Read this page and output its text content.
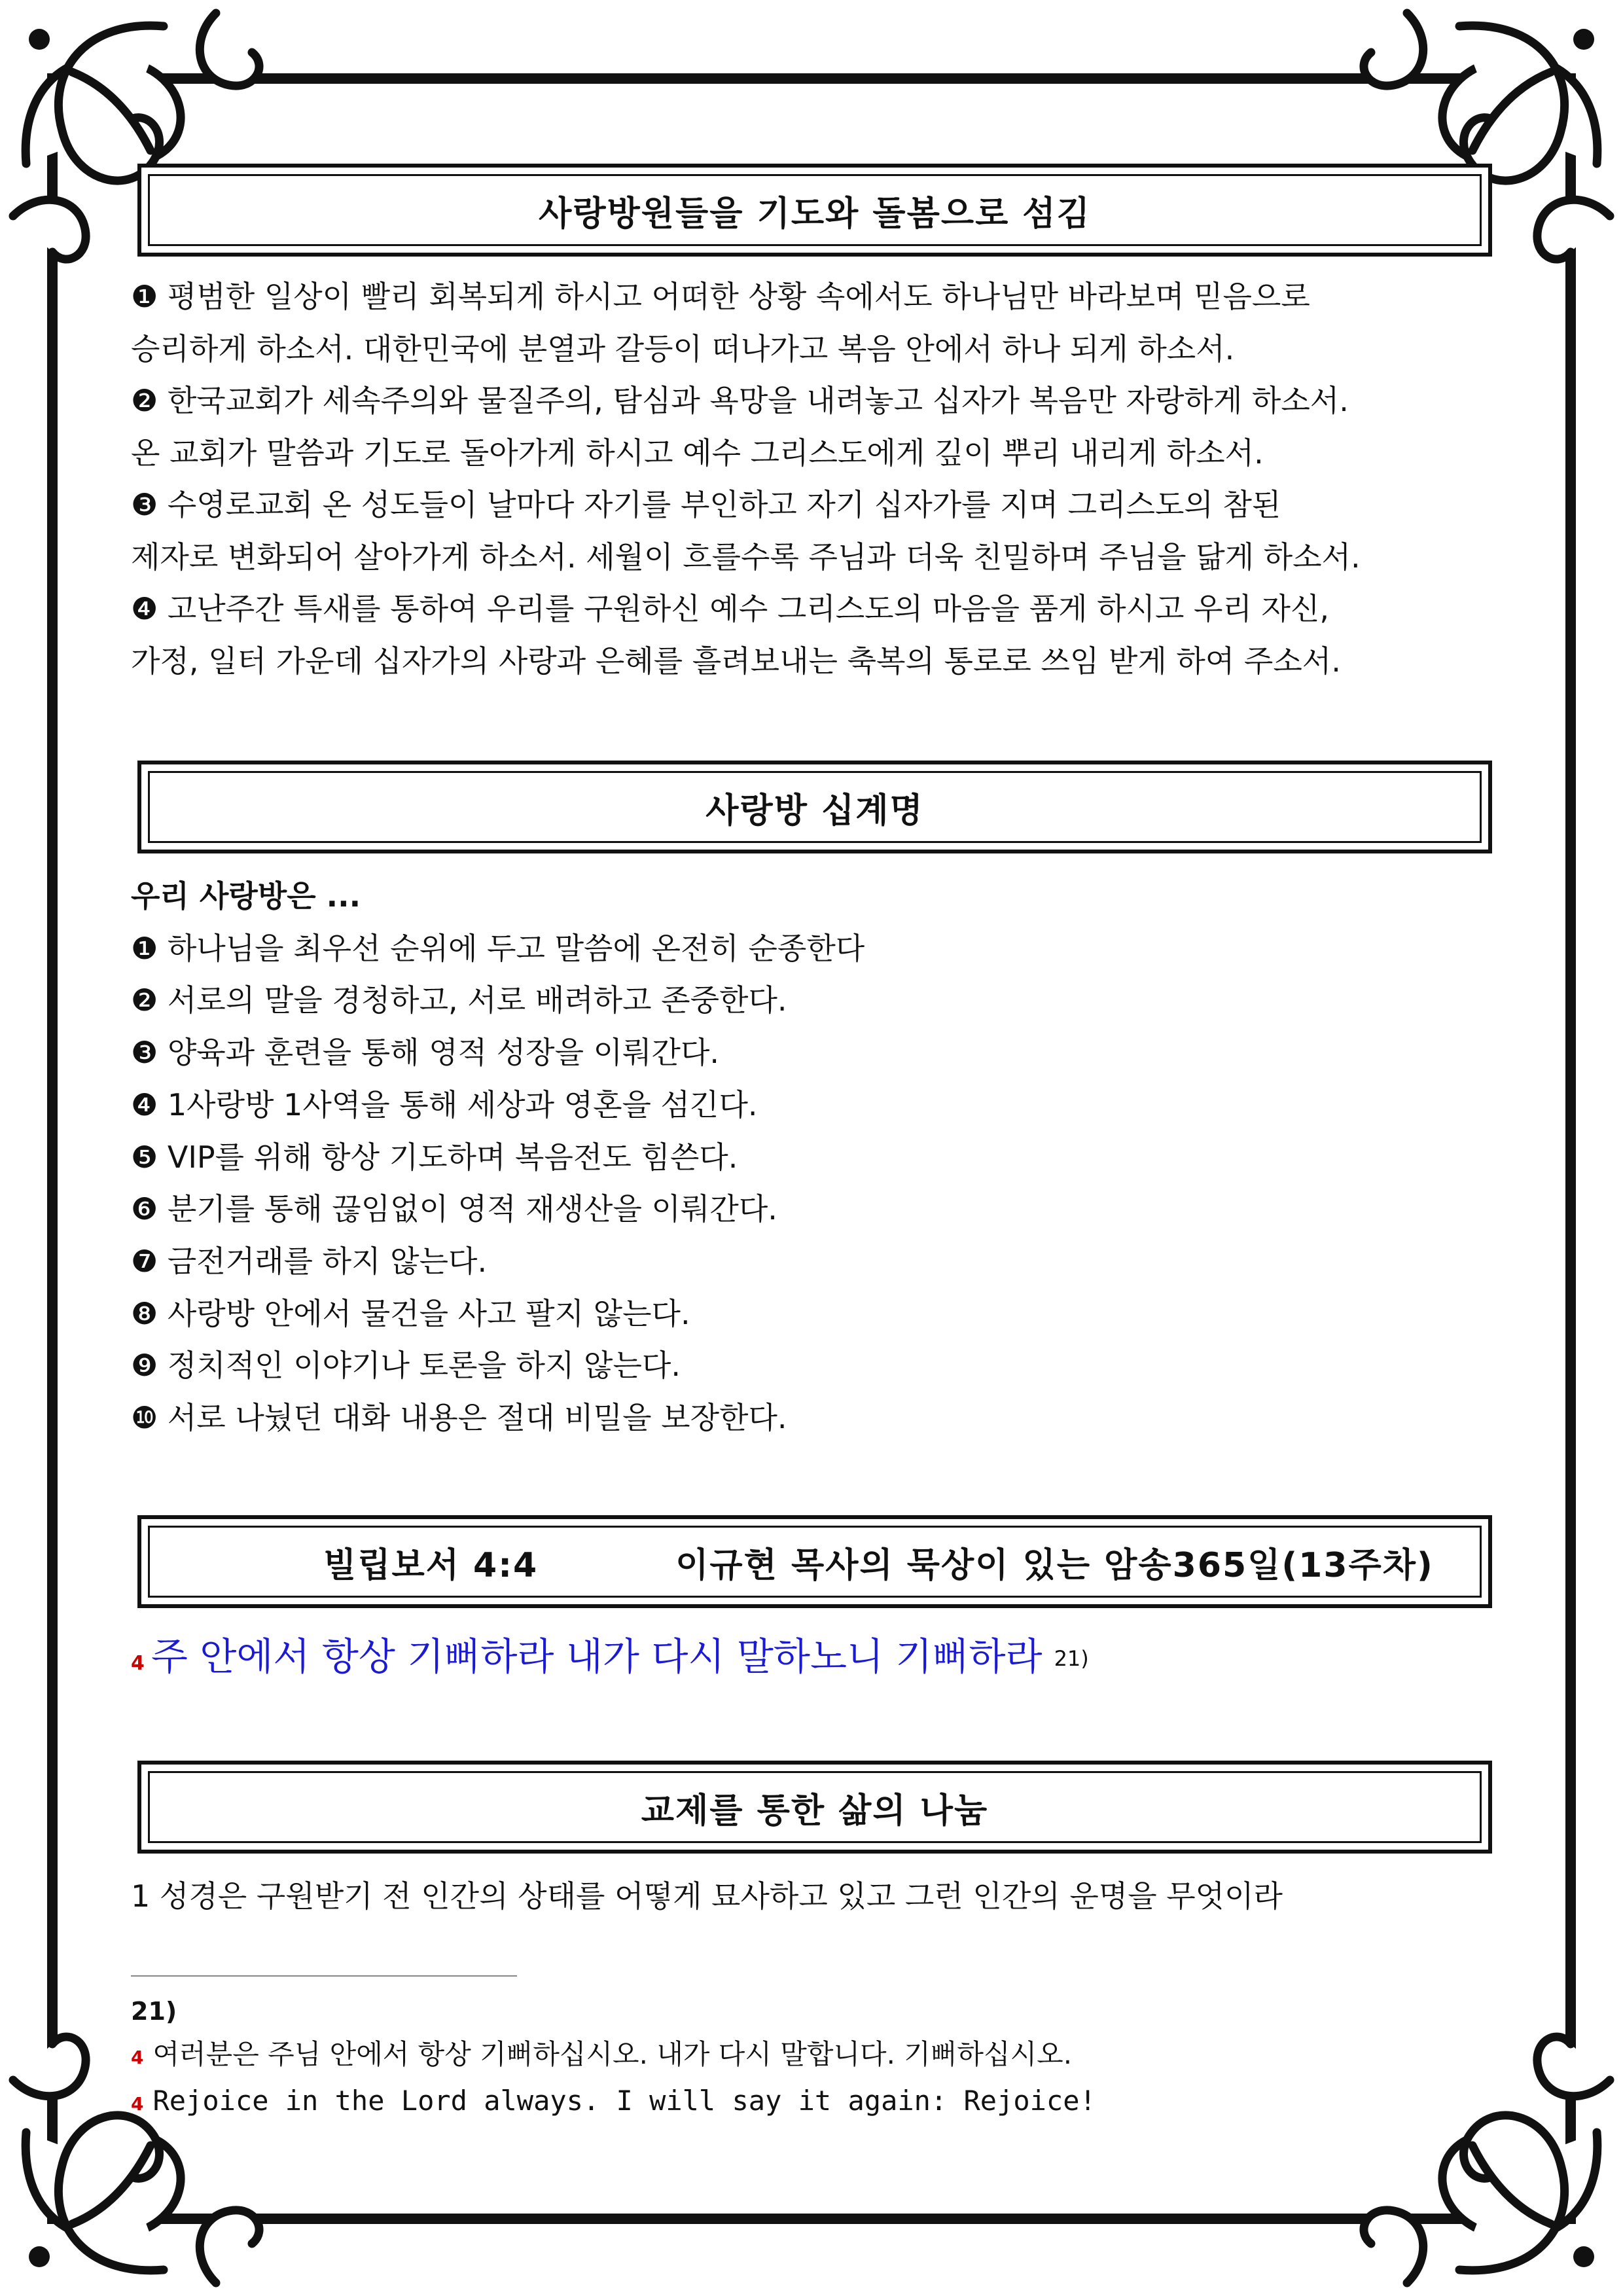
사랑방원들을 기도와 돌봄으로 섬김

❶ 평범한 일상이 빨리 회복되게 하시고 어떠한 상황 속에서도 하나님만 바라보며 믿음으로

승리하게 하소서. 대한민국에 분열과 갈등이 떠나가고 복음 안에서 하나 되게 하소서.

❷ 한국교회가 세속주의와 물질주의, 탐심과 욕망을 내려놓고 십자가 복음만 자랑하게 하소서.

온 교회가 말씀과 기도로 돌아가게 하시고 예수 그리스도에게 깊이 뿌리 내리게 하소서.

❸ 수영로교회 온 성도들이 날마다 자기를 부인하고 자기 십자가를 지며 그리스도의 참된

제자로 변화되어 살아가게 하소서. 세월이 흐를수록 주님과 더욱 친밀하며 주님을 닮게 하소서.

❹ 고난주간 특새를 통하여 우리를 구원하신 예수 그리스도의 마음을 품게 하시고 우리 자신,

가정, 일터 가운데 십자가의 사랑과 은혜를 흘려보내는 축복의 통로로 쓰임 받게 하여 주소서.

사랑방 십계명

우리 사랑방은 ...

❶ 하나님을 최우선 순위에 두고 말씀에 온전히 순종한다

❷ 서로의 말을 경청하고, 서로 배려하고 존중한다.

❸ 양육과 훈련을 통해 영적 성장을 이뤄간다.

❹ 1사랑방 1사역을 통해 세상과 영혼을 섬긴다.

❺ VIP를 위해 항상 기도하며 복음전도 힘쓴다.

❻ 분기를 통해 끊임없이 영적 재생산을 이뤄간다.

❼ 금전거래를 하지 않는다.

❽ 사랑방 안에서 물건을 사고 팔지 않는다.

❾ 정치적인 이야기나 토론을 하지 않는다.

❿ 서로 나눴던 대화 내용은 절대 비밀을 보장한다.

빌립보서 4:4	이규현 목사의 묵상이 있는 암송365일(13주차)
4 주 안에서 항상 기뻐하라 내가 다시 말하노니 기뻐하라 21)
교제를 통한 삶의 나눔
1 성경은 구원받기 전 인간의 상태를 어떻게 묘사하고 있고 그런 인간의 운명을 무엇이라

21)

4 여러분은 주님 안에서 항상 기뻐하십시오. 내가 다시 말합니다. 기뻐하십시오.

4 Rejoice in the Lord always. I will say it again: Rejoice!
